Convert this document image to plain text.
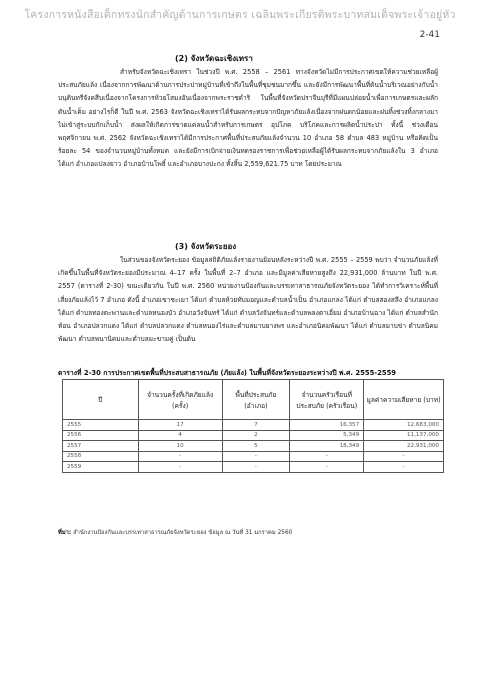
โครงการหนังสือเด็กทรงนักสำคัญด้านการเกษตร เฉลิมพระเกียรติพระบาทสมเด็จพระเจ้าอยู่หัว
2-41
(2) จังหวัดฉะเชิงเทรา
สำหรับจังหวัดฉะเชิงเทรา ในช่วงปี พ.ศ. 2558 – 2561 ทางจังหวัดไม่มีการประกาศเขตให้ความช่วยเหลือผู้ประสบภัยแล้ง เนื่องจากการพัฒนาด้านการประปาหมู่บ้านที่เข้าถึงในพื้นที่ชุมชนมากขึ้น และยังมีการพัฒนาพื้นที่ต้นน้ำบริเวณอย่างกับน้ำบนุดินทรีจังคสีบเนื่องจากโครงการห้วยโสมงอันเนื่องจากพระราชดำริ ในพื้นที่จังหวัดปราจีนบุรีที่มีแผนปล่อยน้ำเพื่อการเกษตรและผลักดันน้ำเค็ม อย่างไรก็ดี ในปี พ.ศ. 2563 จังหวัดฉะเชิงเทราได้รับผลกระทบจากปัญหาภัยแล้งเนื่องจากฝนตกน้อยและฝนทิ้งช่วงทิ้งกลางมาไม่เข้าสู่ระบบกักเก็บน้ำ ส่งผลให้เกิดการขาดแคลนน้ำสำหรับการเกษตร อุปโภค บริโภคและการผลิตน้ำประปา ทั้งนี้ ช่วงเดือนพฤศจิกายน พ.ศ. 2562 จังหวัดฉะเชิงเทราได้มีการประกาศพื้นที่ประสบภัยแล้งจำนวน 10 อำเภอ 58 ตำบล 483 หมู่บ้าน หรือคิดเป็นร้อยละ 54 ของจำนวนหมู่บ้านทั้งหมด และยังมีการเบิกจ่ายเงินทดรองราชการเพื่อช่วยเหลือผู้ได้รับผลกระทบจากภัยแล้งใน 3 อำเภอ ได้แก่ อำเภอแปลงยาว อำเภอบ้านโพธิ์ และอำเภอบางปะกง ทั้งสิ้น 2,559,621.75 บาท โดยประมาณ
(3) จังหวัดระยอง
ในส่วนของจังหวัดระยอง ข้อมูลสถิติภัยแล้งรายงานย้อนหลังระหว่างปี พ.ศ. 2555 – 2559 พบว่า จำนวนภัยแล้งที่เกิดขึ้นในพื้นที่จังหวัดระยองมีประมาณ 4–17 ครั้ง ในพื้นที่ 2–7 อำเภอ และมีมูลค่าเสียหายสูงถึง 22,931,000 ล้านบาท ในปี พ.ศ. 2557 (ตารางที่ 2-30) ขณะเดียวกัน ในปี พ.ศ. 2560 หน่วยงานป้องกันและบรรเทาสาธารณภัยจังหวัดระยอง ได้ทำการวิเคราะห์พื้นที่เสี่ยงภัยแล้งไว้ 7 อำเภอ ดังนี้ อำเภอเขาชะเมา ได้แก่ ตำบลห้วยทับมอญและตำบลน้ำเป็น อำเภอแกลง ได้แก่ ตำบลสองสลึง อำเภอแกลง ได้แก่ ตำบลทองตะพานและตำบลหนองบัว อำเภอวังจันทร์ ได้แก่ ตำบลวังจันทร์และตำบลพลงตาเอี่ยม อำเภอบ้านฉาง ได้แก่ ตำบลสำนักท้อน อำเภอปลวกแดง ได้แก่ ตำบลปลวกแดง ตำบลหนองไร่และตำบลมาบยางพร และอำเภอนิคมพัฒนา ได้แก่ ตำบลมาบข่า ตำบลนิคมพัฒนา ตำบลพนานิคมและตำบลมะขามคู่ เป็นต้น
ตารางที่ 2-30 การประกาศเขตพื้นที่ประสบสาธารณภัย (ภัยแล้ง) ในพื้นที่จังหวัดระยองระหว่างปี พ.ศ. 2555-2559
ปี	จำนวนครั้งที่เกิดภัยแล้ง (ครั้ง)	พื้นที่ประสบภัย (อำเภอ)	จำนวนครัวเรือนที่ประสบภัย (ครัวเรือน)	มูลค่าความเสียหาย (บาท)
2555	17	7	16,357	12,683,000
2556	4	2	5,349	11,137,000
2557	10	5	18,349	22,931,000
2558	-	-	-	-
2559	-	-	-	-
ที่มา: สำนักงานป้องกันและบรรเทาสาธารณภัยจังหวัดระยอง ข้อมูล ณ วันที่ 31 มกราคม 2560
